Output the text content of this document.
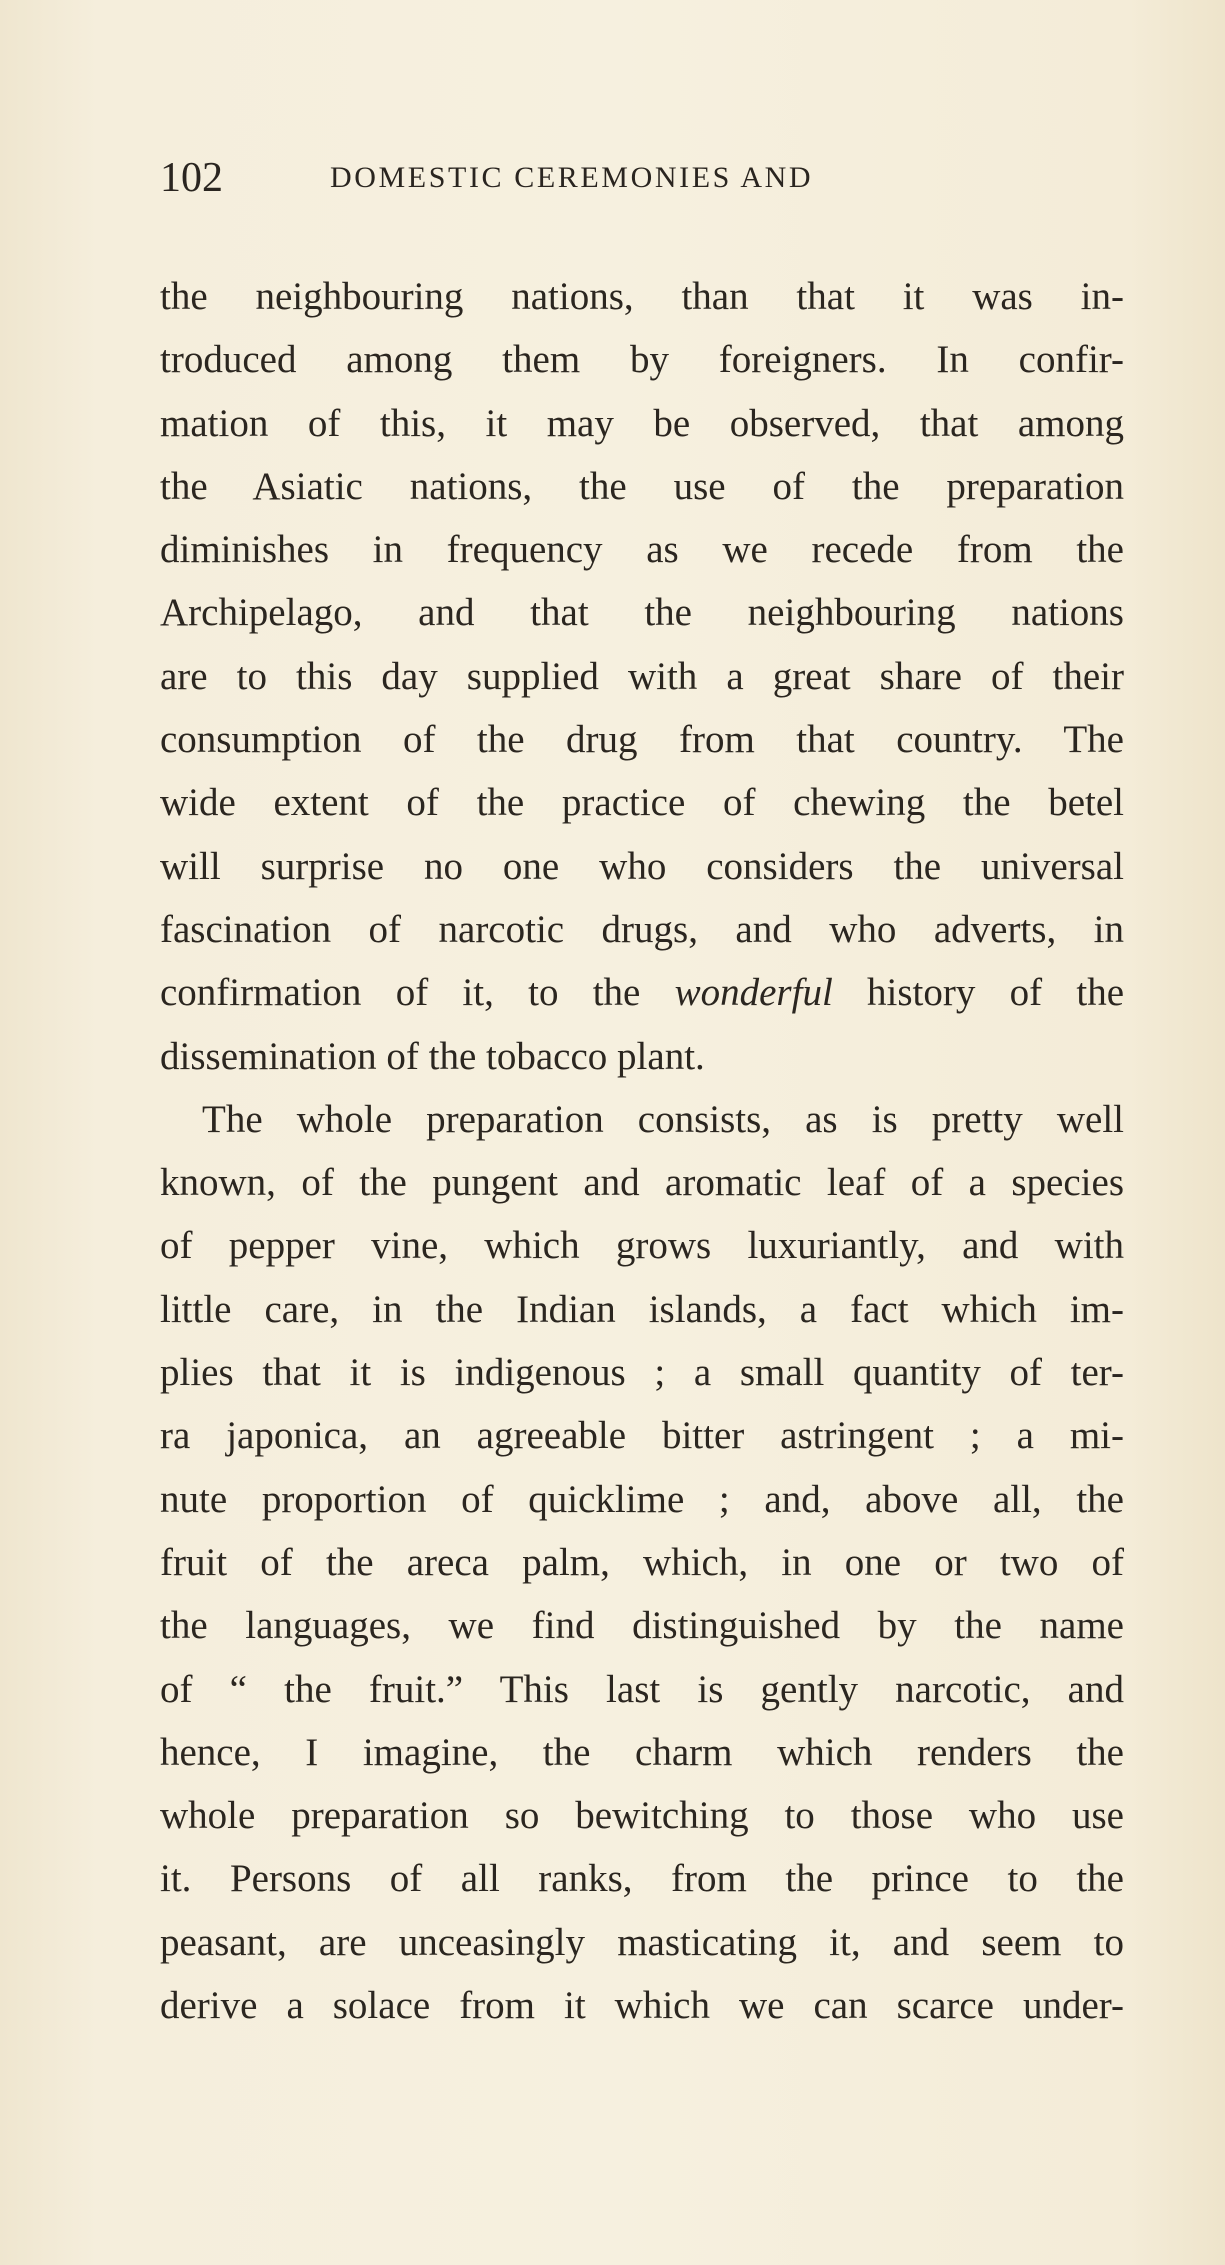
102	DOMESTIC CEREMONIES AND
the neighbouring nations, than that it was in-
troduced among them by foreigners. In confir-
mation of this, it may be observed, that among
the Asiatic nations, the use of the preparation
diminishes in frequency as we recede from the
Archipelago, and that the neighbouring nations
are to this day supplied with a great share of their
consumption of the drug from that country. The
wide extent of the practice of chewing the betel
will surprise no one who considers the universal
fascination of narcotic drugs, and who adverts, in
confirmation of it, to the wonderful history of the
dissemination of the tobacco plant.
The whole preparation consists, as is pretty well
known, of the pungent and aromatic leaf of a species
of pepper vine, which grows luxuriantly, and with
little care, in the Indian islands, a fact which im-
plies that it is indigenous ; a small quantity of ter-
ra japonica, an agreeable bitter astringent ; a mi-
nute proportion of quicklime ; and, above all, the
fruit of the areca palm, which, in one or two of
the languages, we find distinguished by the name
of “ the fruit.” This last is gently narcotic, and
hence, I imagine, the charm which renders the
whole preparation so bewitching to those who use
it. Persons of all ranks, from the prince to the
peasant, are unceasingly masticating it, and seem to
derive a solace from it which we can scarce under-
